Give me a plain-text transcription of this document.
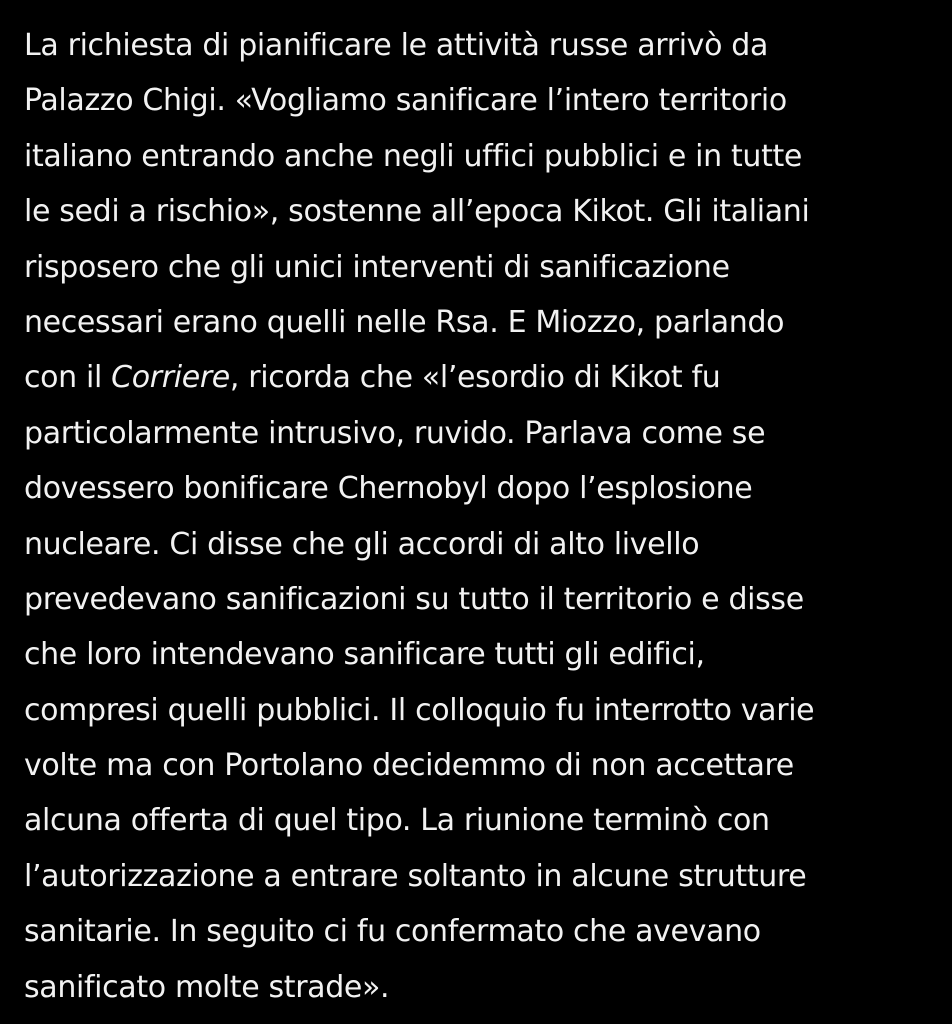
La richiesta di pianificare le attività russe arrivò da
Palazzo Chigi. «Vogliamo sanificare l’intero territorio
italiano entrando anche negli uffici pubblici e in tutte
le sedi a rischio», sostenne all’epoca Kikot. Gli italiani
risposero che gli unici interventi di sanificazione
necessari erano quelli nelle Rsa. E Miozzo, parlando
con il Corriere, ricorda che «l’esordio di Kikot fu
particolarmente intrusivo, ruvido. Parlava come se
dovessero bonificare Chernobyl dopo l’esplosione
nucleare. Ci disse che gli accordi di alto livello
prevedevano sanificazioni su tutto il territorio e disse
che loro intendevano sanificare tutti gli edifici,
compresi quelli pubblici. Il colloquio fu interrotto varie
volte ma con Portolano decidemmo di non accettare
alcuna offerta di quel tipo. La riunione terminò con
l’autorizzazione a entrare soltanto in alcune strutture
sanitarie. In seguito ci fu confermato che avevano
sanificato molte strade».
